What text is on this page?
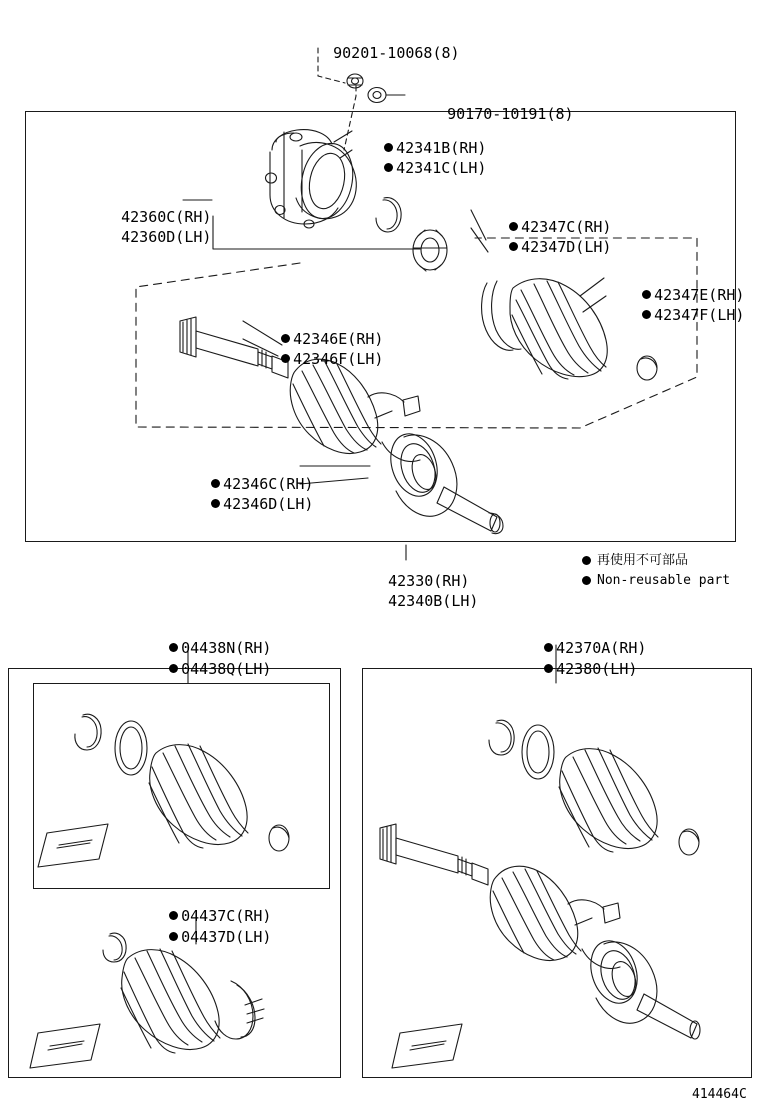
90201-10068(8)

90170-10191(8)

42341B(RH)

42341C(LH)

42360C(RH)

42360D(LH)

42347C(RH)

42347D(LH)

42347E(RH)

42347F(LH)

42346E(RH)

42346F(LH)

42346C(RH)

42346D(LH)

42330(RH)

42340B(LH)

再使用不可部品
Non-reusable part

04438N(RH)

04438Q(LH)

42370A(RH)

42380(LH)

04437C(RH)

04437D(LH)

414464C
